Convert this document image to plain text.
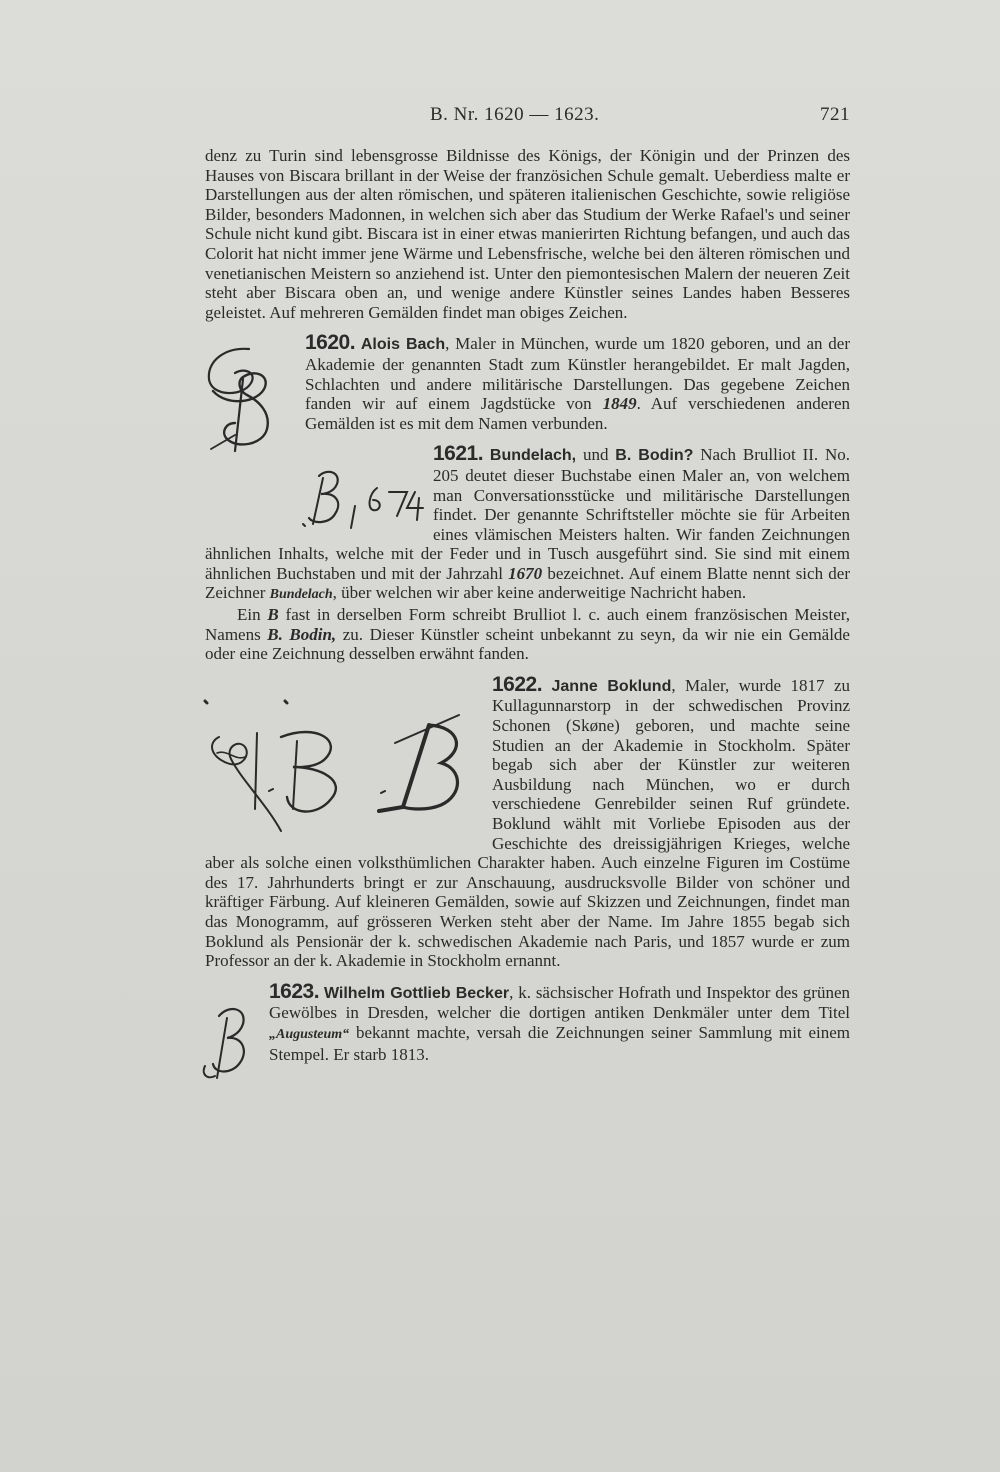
B. Nr. 1620 — 1623.	721

denz zu Turin sind lebensgrosse Bildnisse des Königs, der Königin und der Prinzen des Hauses von Biscara brillant in der Weise der französichen Schule gemalt. Ueberdiess malte er Darstellungen aus der alten römischen, und späteren italienischen Geschichte, sowie religiöse Bilder, besonders Madonnen, in welchen sich aber das Studium der Werke Rafael's und seiner Schule nicht kund gibt. Biscara ist in einer etwas manierirten Richtung befangen, und auch das Colorit hat nicht immer jene Wärme und Lebensfrische, welche bei den älteren römischen und venetianischen Meistern so anziehend ist. Unter den piemontesischen Malern der neueren Zeit steht aber Biscara oben an, und wenige andere Künstler seines Landes haben Besseres geleistet. Auf mehreren Gemälden findet man obiges Zeichen.

1620. Alois Bach, Maler in München, wurde um 1820 geboren, und an der Akademie der genannten Stadt zum Künstler herangebildet. Er malt Jagden, Schlachten und andere militärische Darstellungen. Das gegebene Zeichen fanden wir auf einem Jagdstücke von 1849. Auf verschiedenen anderen Gemälden ist es mit dem Namen verbunden.

1621. Bundelach, und B. Bodin? Nach Brulliot II. No. 205 deutet dieser Buchstabe einen Maler an, von welchem man Conversationsstücke und militärische Darstellungen findet. Der genannte Schriftsteller möchte sie für Arbeiten eines vlämischen Meisters halten. Wir fanden Zeichnungen ähnlichen Inhalts, welche mit der Feder und in Tusch ausgeführt sind. Sie sind mit einem ähnlichen Buchstaben und mit der Jahrzahl 1670 bezeichnet. Auf einem Blatte nennt sich der Zeichner Bundelach, über welchen wir aber keine anderweitige Nachricht haben.

Ein B fast in derselben Form schreibt Brulliot l. c. auch einem französischen Meister, Namens B. Bodin, zu. Dieser Künstler scheint unbekannt zu seyn, da wir nie ein Gemälde oder eine Zeichnung desselben erwähnt fanden.

1622. Janne Boklund, Maler, wurde 1817 zu Kullagunnarstorp in der schwedischen Provinz Schonen (Skøne) geboren, und machte seine Studien an der Akademie in Stockholm. Später begab sich aber der Künstler zur weiteren Ausbildung nach München, wo er durch verschiedene Genrebilder seinen Ruf gründete. Boklund wählt mit Vorliebe Episoden aus der Geschichte des dreissigjährigen Krieges, welche aber als solche einen volksthümlichen Charakter haben. Auch einzelne Figuren im Costüme des 17. Jahrhunderts bringt er zur Anschauung, ausdrucksvolle Bilder von schöner und kräftiger Färbung. Auf kleineren Gemälden, sowie auf Skizzen und Zeichnungen, findet man das Monogramm, auf grösseren Werken steht aber der Name. Im Jahre 1855 begab sich Boklund als Pensionär der k. schwedischen Akademie nach Paris, und 1857 wurde er zum Professor an der k. Akademie in Stockholm ernannt.

1623. Wilhelm Gottlieb Becker, k. sächsischer Hofrath und Inspektor des grünen Gewölbes in Dresden, welcher die dortigen antiken Denkmäler unter dem Titel „Augusteum“ bekannt machte, versah die Zeichnungen seiner Sammlung mit einem Stempel. Er starb 1813.
